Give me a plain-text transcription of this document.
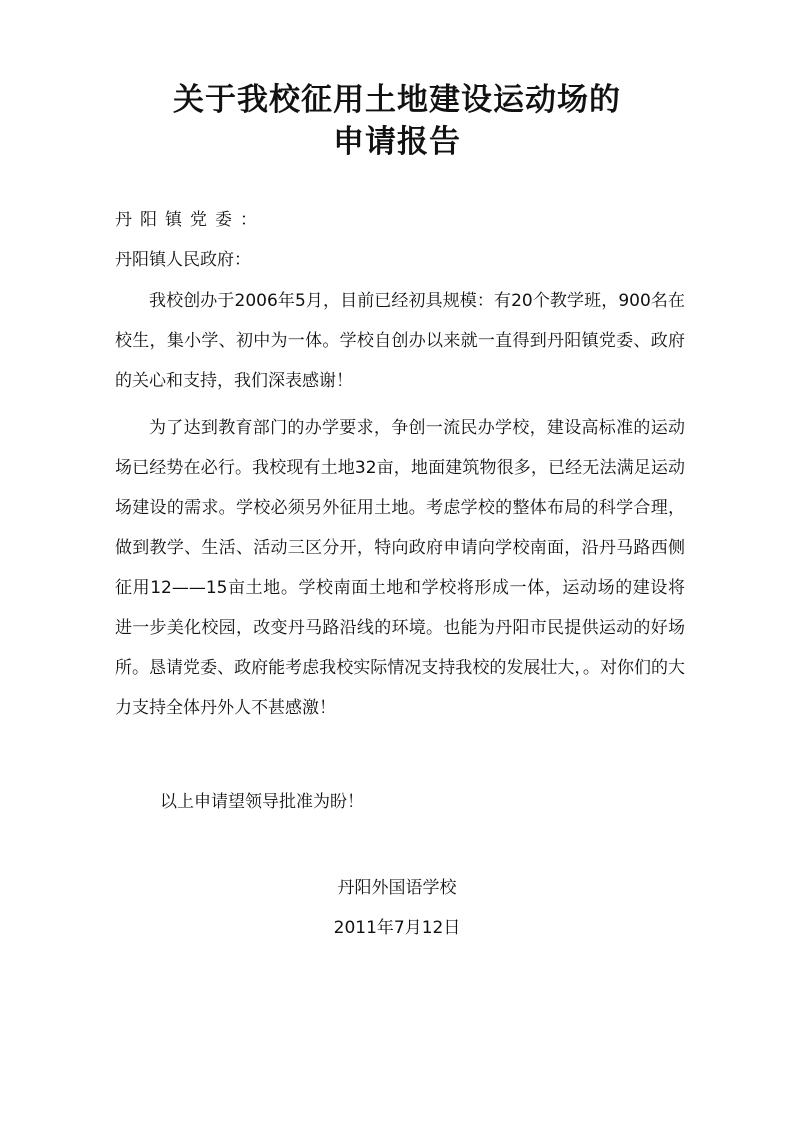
关于我校征用土地建设运动场的
申请报告

丹阳镇党委：

丹阳镇人民政府：

我校创办于2006年5月，目前已经初具规模：有20个教学班，900名在校生，集小学、初中为一体。学校自创办以来就一直得到丹阳镇党委、政府的关心和支持，我们深表感谢！

为了达到教育部门的办学要求，争创一流民办学校，建设高标准的运动场已经势在必行。我校现有土地32亩，地面建筑物很多，已经无法满足运动场建设的需求。学校必须另外征用土地。考虑学校的整体布局的科学合理，做到教学、生活、活动三区分开，特向政府申请向学校南面，沿丹马路西侧征用12——15亩土地。学校南面土地和学校将形成一体，运动场的建设将进一步美化校园，改变丹马路沿线的环境。也能为丹阳市民提供运动的好场所。恳请党委、政府能考虑我校实际情况支持我校的发展壮大，。对你们的大力支持全体丹外人不甚感激！

以上申请望领导批准为盼！

丹阳外国语学校

2011年7月12日
